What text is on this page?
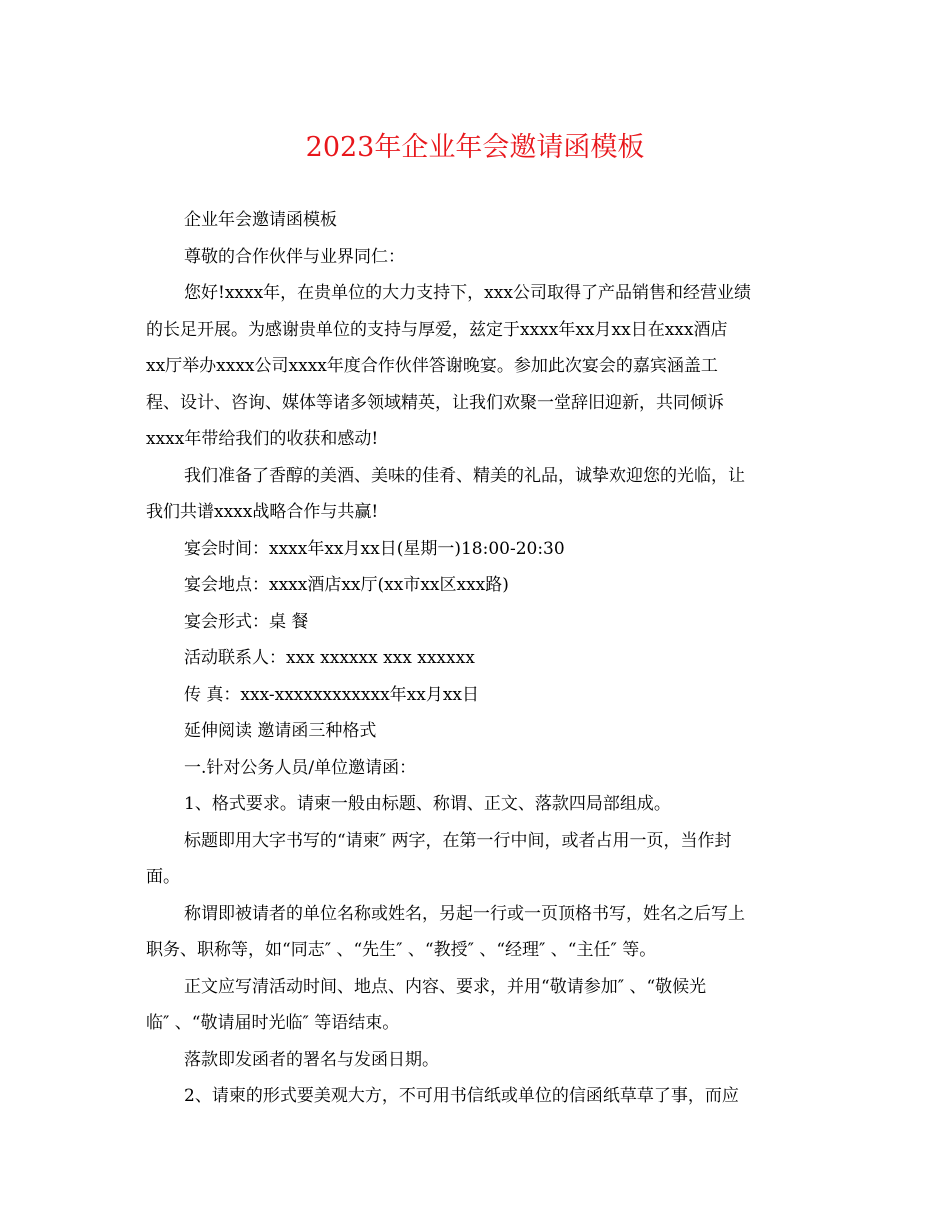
2023年企业年会邀请函模板

企业年会邀请函模板

尊敬的合作伙伴与业界同仁：

您好!xxxx年，在贵单位的大力支持下，xxx公司取得了产品销售和经营业绩

的长足开展。为感谢贵单位的支持与厚爱，兹定于xxxx年xx月xx日在xxx酒店

xx厅举办xxxx公司xxxx年度合作伙伴答谢晚宴。参加此次宴会的嘉宾涵盖工

程、设计、咨询、媒体等诸多领域精英，让我们欢聚一堂辞旧迎新，共同倾诉

xxxx年带给我们的收获和感动!

我们准备了香醇的美酒、美味的佳肴、精美的礼品，诚挚欢迎您的光临，让

我们共谱xxxx战略合作与共赢!

宴会时间：xxxx年xx月xx日(星期一)18:00-20:30

宴会地点：xxxx酒店xx厅(xx市xx区xxx路)

宴会形式：桌 餐

活动联系人：xxx xxxxxx xxx xxxxxx

传 真：xxx-xxxxxxxxxxxx年xx月xx日

延伸阅读 邀请函三种格式

一.针对公务人员/单位邀请函：

1、格式要求。请柬一般由标题、称谓、正文、落款四局部组成。

标题即用大字书写的“请柬″ 两字，在第一行中间，或者占用一页，当作封

面。

称谓即被请者的单位名称或姓名，另起一行或一页顶格书写，姓名之后写上

职务、职称等，如“同志″ 、“先生″ 、“教授″ 、“经理″ 、“主任″ 等。

正文应写清活动时间、地点、内容、要求，并用“敬请参加″ 、“敬候光

临″ 、“敬请届时光临″ 等语结束。

落款即发函者的署名与发函日期。

2、请柬的形式要美观大方，不可用书信纸或单位的信函纸草草了事，而应
